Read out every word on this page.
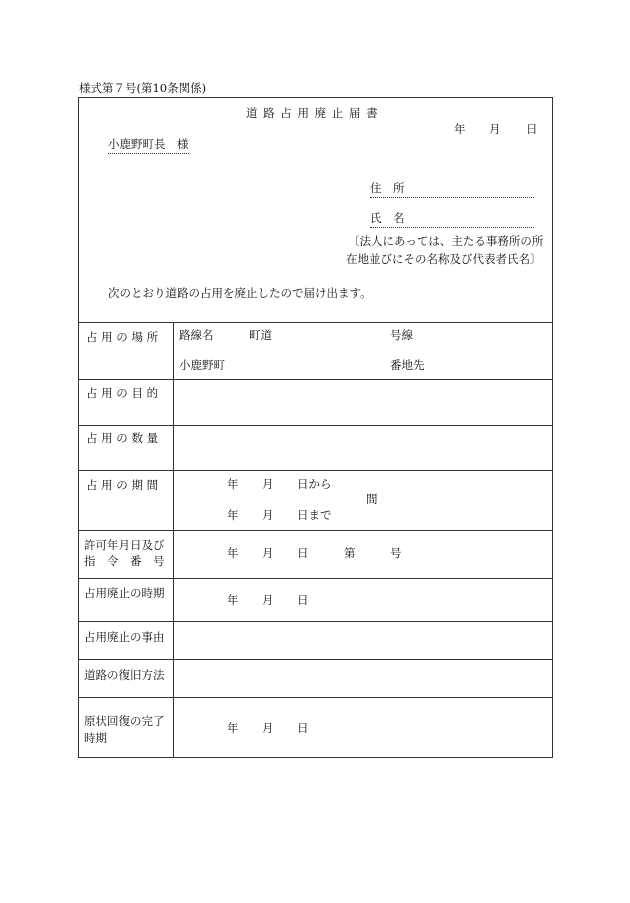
様式第７号(第10条関係)
道 路 占 用 廃 止 届 書
年 月 日
小鹿野町長　様
住　所
氏　名
〔法人にあっては、主たる事務所の所
在地並びにその名称及び代表者氏名〕
次のとおり道路の占用を廃止したので届け出ます。
占 用 の 場 所 路線名	町道	号線
小鹿野町	番地先
占 用 の 目 的
占 用 の 数 量
占 用 の 期 間	年 月 日から
間
年 月 日まで
許可年月日及び
指　令　番　号
年 月 日	第	号
占用廃止の時期	年 月 日
占用廃止の事由
道路の復旧方法
原状回復の完了
時期
年 月 日
